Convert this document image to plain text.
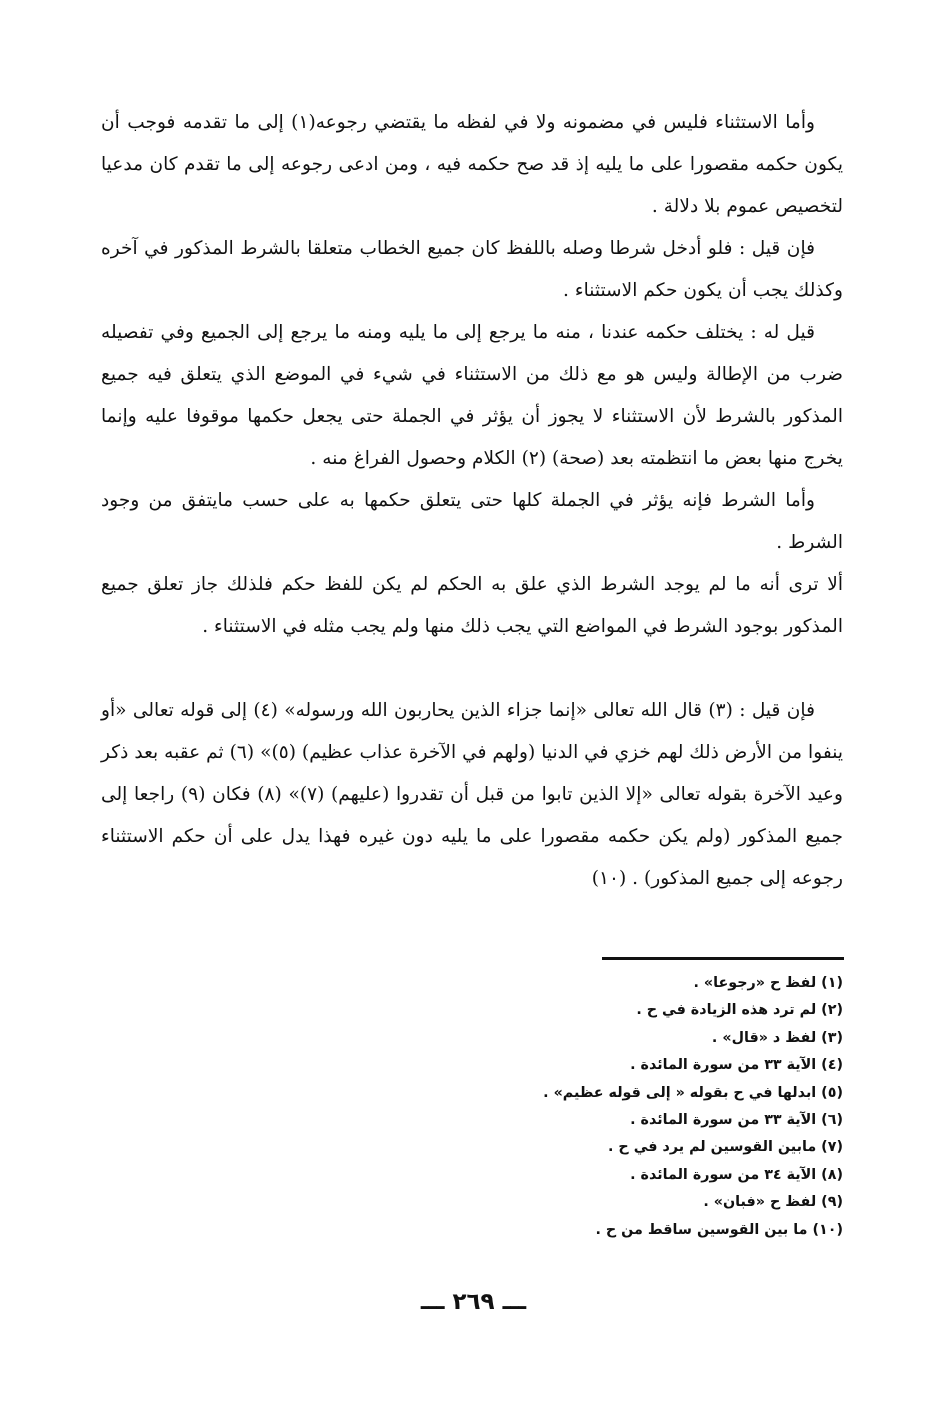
وأما الاستثناء فليس في مضمونه ولا في لفظه ما يقتضي رجوعه(١) إلى ما تقدمه فوجب أن يكون حكمه مقصورا على ما يليه إذ قد صح حكمه فيه ، ومن ادعى رجوعه إلى ما تقدم كان مدعيا لتخصيص عموم بلا دلالة .

فإن قيل : فلو أدخل شرطا وصله باللفظ كان جميع الخطاب متعلقا بالشرط المذكور في آخره وكذلك يجب أن يكون حكم الاستثناء .

قيل له : يختلف حكمه عندنا ، منه ما يرجع إلى ما يليه ومنه ما يرجع إلى الجميع وفي تفصيله ضرب من الإطالة وليس هو مع ذلك من الاستثناء في شيء في الموضع الذي يتعلق فيه جميع المذكور بالشرط لأن الاستثناء لا يجوز أن يؤثر في الجملة حتى يجعل حكمها موقوفا عليه وإنما يخرج منها بعض ما انتظمته بعد (صحة) (٢) الكلام وحصول الفراغ منه .

وأما الشرط فإنه يؤثر في الجملة كلها حتى يتعلق حكمها به على حسب مايتفق من وجود الشرط .

ألا ترى أنه ما لم يوجد الشرط الذي علق به الحكم لم يكن للفظ حكم فلذلك جاز تعلق جميع المذكور بوجود الشرط في المواضع التي يجب ذلك منها ولم يجب مثله في الاستثناء .

فإن قيل : (٣) قال الله تعالى «إنما جزاء الذين يحاربون الله ورسوله» (٤) إلى قوله تعالى «أو ينفوا من الأرض ذلك لهم خزي في الدنيا (ولهم في الآخرة عذاب عظيم) (٥)» (٦) ثم عقبه بعد ذكر وعيد الآخرة بقوله تعالى «إلا الذين تابوا من قبل أن تقدروا (عليهم) (٧)» (٨) فكان (٩) راجعا إلى جميع المذكور (ولم يكن حكمه مقصورا على ما يليه دون غيره فهذا يدل على أن حكم الاستثناء رجوعه إلى جميع المذكور) . (١٠)

(١) لفظ ح «رجوعا» .
(٢) لم ترد هذه الزيادة في ح .
(٣) لفظ د «قال» .
(٤) الآية ٣٣ من سورة المائدة .
(٥) ابدلها في ح بقوله « إلى قوله عظيم» .
(٦) الآية ٣٣ من سورة المائدة .
(٧) مابين القوسين لم يرد في ح .
(٨) الآية ٣٤ من سورة المائدة .
(٩) لفظ ح «فبان» .
(١٠) ما بين القوسين ساقط من ح .
ـــ ٢٦٩ ـــ
